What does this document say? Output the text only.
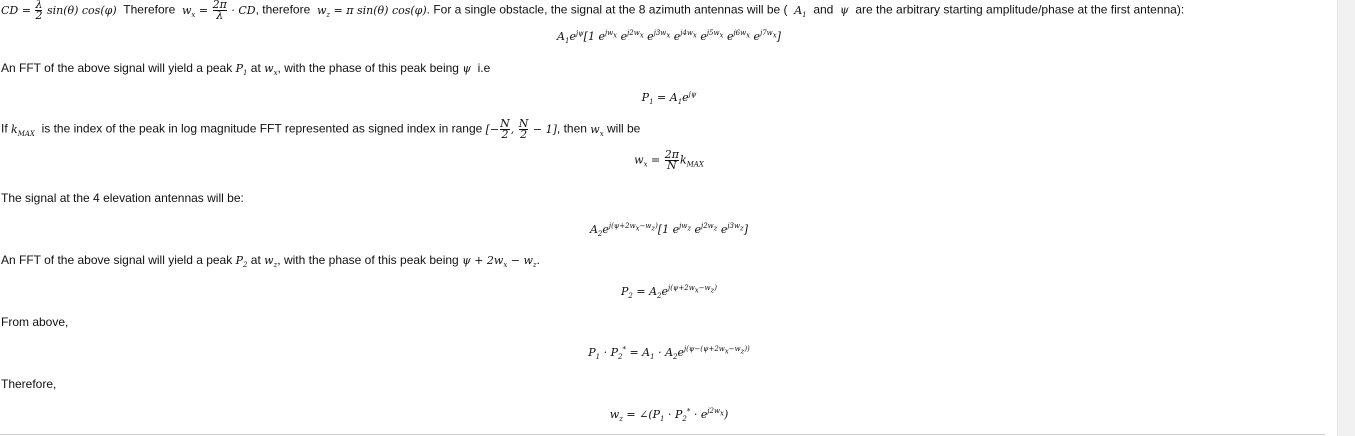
CD = $\frac{\lambda}{2} \sin(\theta)$ cos(φ) Therefore $w_x = \frac{2\pi}{\lambda}$ · CD, therefore $w_z = \pi$ sin(θ) cos(φ). For a single obstacle, the signal at the 8 azimuth antennas will be ( $A_1$ and ψ are the arbitrary starting amplitude/phase at the first antenna):
$A_1e^{j\psi}[1$ $e^{jw_x}$ $e^{j2w_x}$ $e^{j3w_x}$ $e^{j4w_x}$ $e^{j5w_x}$ $e^{j6w_x}$ $e^{j7w_x}$]
An FFT of the above signal will yield a peak $P_1$ at $w_x$, with the phase of this peak being ψ i.e
$P_1 = A_1e^{j\psi}$
If $k_{MAX}$ is the index of the peak in log magnitude FFT represented as signed index in range [− $\frac{N}{2}$ , $\frac{N}{2} - 1$], then $w_x$ will be
$w_x = \frac{2\pi}{N} k_{MAX}$
The signal at the 4 elevation antennas will be:
$A_2e^{j(\psi+2w_x-w_z)}[1$ $e^{jw_z}$ $e^{j2w_z}$ $e^{j3w_z}$]
An FFT of the above signal will yield a peak $P_2$ at $w_z$, with the phase of this peak being $\psi + 2w_x - w_z$.
$P_2 = A_2e^{j(\psi+2w_x-w_z)}$
From above,
$P_1 \cdot P_2^* = A_1 \cdot A_2e^{j(\psi-(\psi+2w_x-w_z))}$
Therefore,
$w_z$ = $\angle(P_1 \cdot P_2^* \cdot e^{j2w_x})$
